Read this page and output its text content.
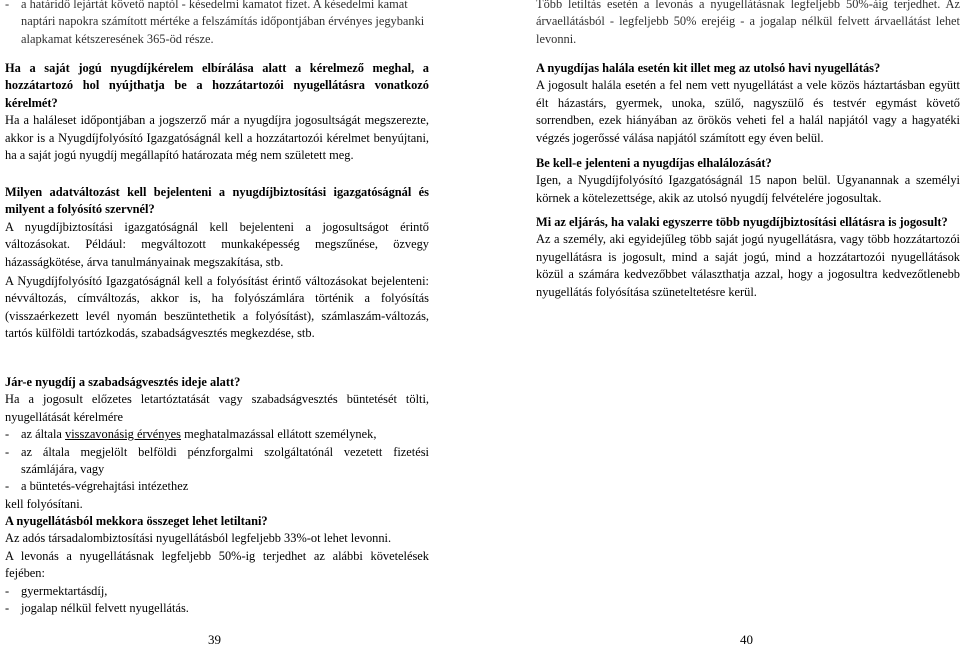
- a határidő lejártát követő naptól - késedelmi kamatot fizet. A késedelmi kamat naptári napokra számított mértéke a felszámítás időpontjában érvényes jegybanki alapkamat kétszeresének 365-öd része.

Ha a saját jogú nyugdíjkérelem elbírálása alatt a kérelmező meghal, a hozzátartozó hol nyújthatja be a hozzátartozói nyugellátásra vonatkozó kérelmét?

Ha a haláleset időpontjában a jogszerző már a nyugdíjra jogosultságát megszerezte, akkor is a Nyugdíjfolyósító Igazgatóságnál kell a hozzátartozói kérelmet benyújtani, ha a saját jogú nyugdíj megállapító határozata még nem született meg.

Milyen adatváltozást kell bejelenteni a nyugdíjbiztosítási igazgatóságnál és milyent a folyósító szervnél?

A nyugdíjbiztosítási igazgatóságnál kell bejelenteni a jogosultságot érintő változásokat. Például: megváltozott munkaképesség megszűnése, özvegy házasságkötése, árva tanulmányainak megszakítása, stb.

A Nyugdíjfolyósító Igazgatóságnál kell a folyósítást érintő változásokat bejelenteni: névváltozás, címváltozás, akkor is, ha folyószámlára történik a folyósítás (visszaérkezett levél nyomán beszüntethetik a folyósítást), számlaszám-változás, tartós külföldi tartózkodás, szabadságvesztés megkezdése, stb.

Jár-e nyugdíj a szabadságvesztés ideje alatt?

Ha a jogosult előzetes letartóztatását vagy szabadságvesztés büntetését tölti, nyugellátását kérelmére

- az általa visszavonásig érvényes meghatalmazással ellátott személynek,
- az általa megjelölt belföldi pénzforgalmi szolgáltatónál vezetett fizetési számlájára, vagy
- a büntetés-végrehajtási intézethez

kell folyósítani.

A nyugellátásból mekkora összeget lehet letiltani?

Az adós társadalombiztosítási nyugellátásból legfeljebb 33%-ot lehet levonni.

A levonás a nyugellátásnak legfeljebb 50%-ig terjedhet az alábbi követelések fejében:

- gyermektartásdíj,
- jogalap nélkül felvett nyugellátás.
39

Több letiltás esetén a levonás a nyugellátásnak legfeljebb 50%-áig terjedhet. Az árvaellátásból - legfeljebb 50% erejéig - a jogalap nélkül felvett árvaellátást lehet levonni.

A nyugdíjas halála esetén kit illet meg az utolsó havi nyugellátás?

A jogosult halála esetén a fel nem vett nyugellátást a vele közös háztartásban együtt élt házastárs, gyermek, unoka, szülő, nagyszülő és testvér egymást követő sorrendben, ezek hiányában az örökös veheti fel a halál napjától vagy a hagyatéki végzés jogerőssé válása napjától számított egy éven belül.

Be kell-e jelenteni a nyugdíjas elhalálozását?

Igen, a Nyugdíjfolyósító Igazgatóságnál 15 napon belül. Ugyanannak a személyi körnek a kötelezettsége, akik az utolsó nyugdíj felvételére jogosultak.

Mi az eljárás, ha valaki egyszerre több nyugdíjbiztosítási ellátásra is jogosult?

Az a személy, aki egyidejűleg több saját jogú nyugellátásra, vagy több hozzátartozói nyugellátásra is jogosult, mind a saját jogú, mind a hozzátartozói nyugellátások közül a számára kedvezőbbet választhatja azzal, hogy a jogosultra kedvezőtlenebb nyugellátás folyósítása szüneteltetésre kerül.

40
